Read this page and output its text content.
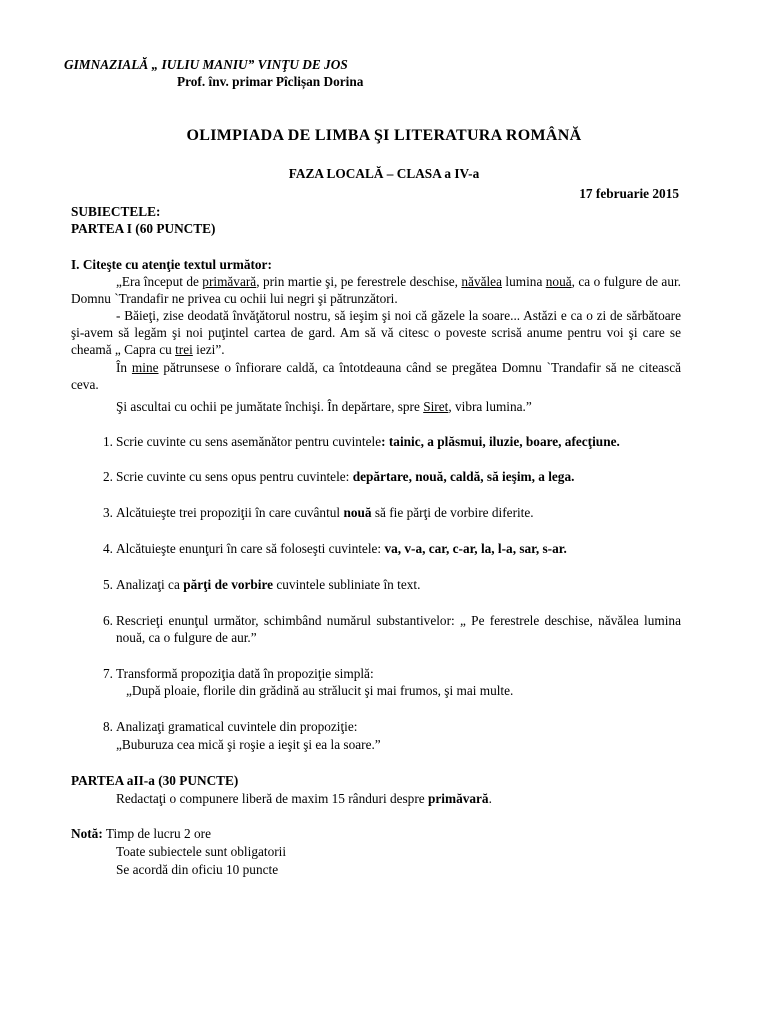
GIMNAZIALĂ „ IULIU MANIU” VINŢU DE JOS
Prof. înv. primar Pîclișan Dorina
OLIMPIADA DE LIMBA ŞI LITERATURA ROMÂNĂ
FAZA LOCALĂ – CLASA a IV-a
17 februarie 2015
SUBIECTELE:
PARTEA I (60 PUNCTE)
I. Citeşte cu atenţie textul următor:
„Era început de primăvară, prin martie şi, pe ferestrele deschise, năvălea lumina nouă, ca o fulgure de aur. Domnu `Trandafir ne privea cu ochii lui negri şi pătrunzători.
- Băieţi, zise deodată învăţătorul nostru, să ieşim şi noi că găzele la soare... Astăzi e ca o zi de sărbătoare şi-avem să legăm şi noi puţintel cartea de gard. Am să vă citesc o poveste scrisă anume pentru voi şi care se cheamă „ Capra cu trei iezi”.
În mine pătrunsese o înfiorare caldă, ca întotdeauna când se pregătea Domnu `Trandafir să ne citească ceva.
Şi ascultai cu ochii pe jumătate închişi. În depărtare, spre Siret, vibra lumina.”
1. Scrie cuvinte cu sens asemănător pentru cuvintele: tainic, a plăsmui, iluzie, boare, afecţiune.
2. Scrie cuvinte cu sens opus pentru cuvintele: depărtare, nouă, caldă, să ieşim, a lega.
3. Alcătuieşte trei propoziţii în care cuvântul nouă să fie părţi de vorbire diferite.
4. Alcătuieşte enunţuri în care să foloseşti cuvintele: va, v-a, car, c-ar, la, l-a, sar, s-ar.
5. Analizaţi ca părţi de vorbire cuvintele subliniate în text.
6. Rescrieţi enunţul următor, schimbând numărul substantivelor: „ Pe ferestrele deschise, năvălea lumina nouă, ca o fulgure de aur.”
7. Transformă propoziţia dată în propoziţie simplă:
„După ploaie, florile din grădină au strălucit şi mai frumos, şi mai multe.
8. Analizaţi gramatical cuvintele din propoziţie:
„Buburuza cea mică şi roşie a ieşit şi ea la soare.”
PARTEA aII-a (30 PUNCTE)
Redactaţi o compunere liberă de maxim 15 rânduri despre primăvară.
Notă: Timp de lucru 2 ore
Toate subiectele sunt obligatorii
Se acordă din oficiu 10 puncte
